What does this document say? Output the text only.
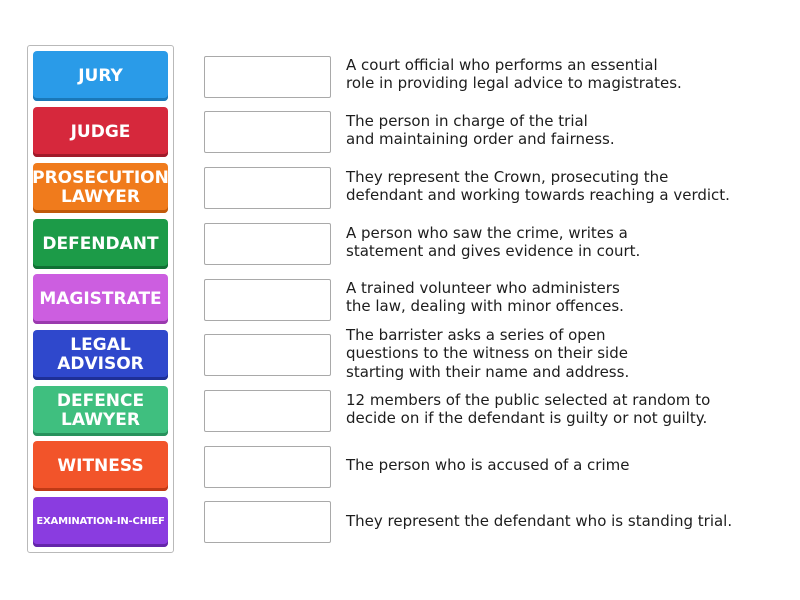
JURY
JUDGE
PROSECUTION
LAWYER
DEFENDANT
MAGISTRATE
LEGAL
ADVISOR
DEFENCE
LAWYER
WITNESS
EXAMINATION-IN-CHIEF
A court official who performs an essential
role in providing legal advice to magistrates.
The person in charge of the trial
and maintaining order and fairness.
They represent the Crown, prosecuting the
defendant and working towards reaching a verdict.
A person who saw the crime, writes a
statement and gives evidence in court.
A trained volunteer who administers
the law, dealing with minor offences.
The barrister asks a series of open
questions to the witness on their side
starting with their name and address.
12 members of the public selected at random to
decide on if the defendant is guilty or not guilty.
The person who is accused of a crime
They represent the defendant who is standing trial.
